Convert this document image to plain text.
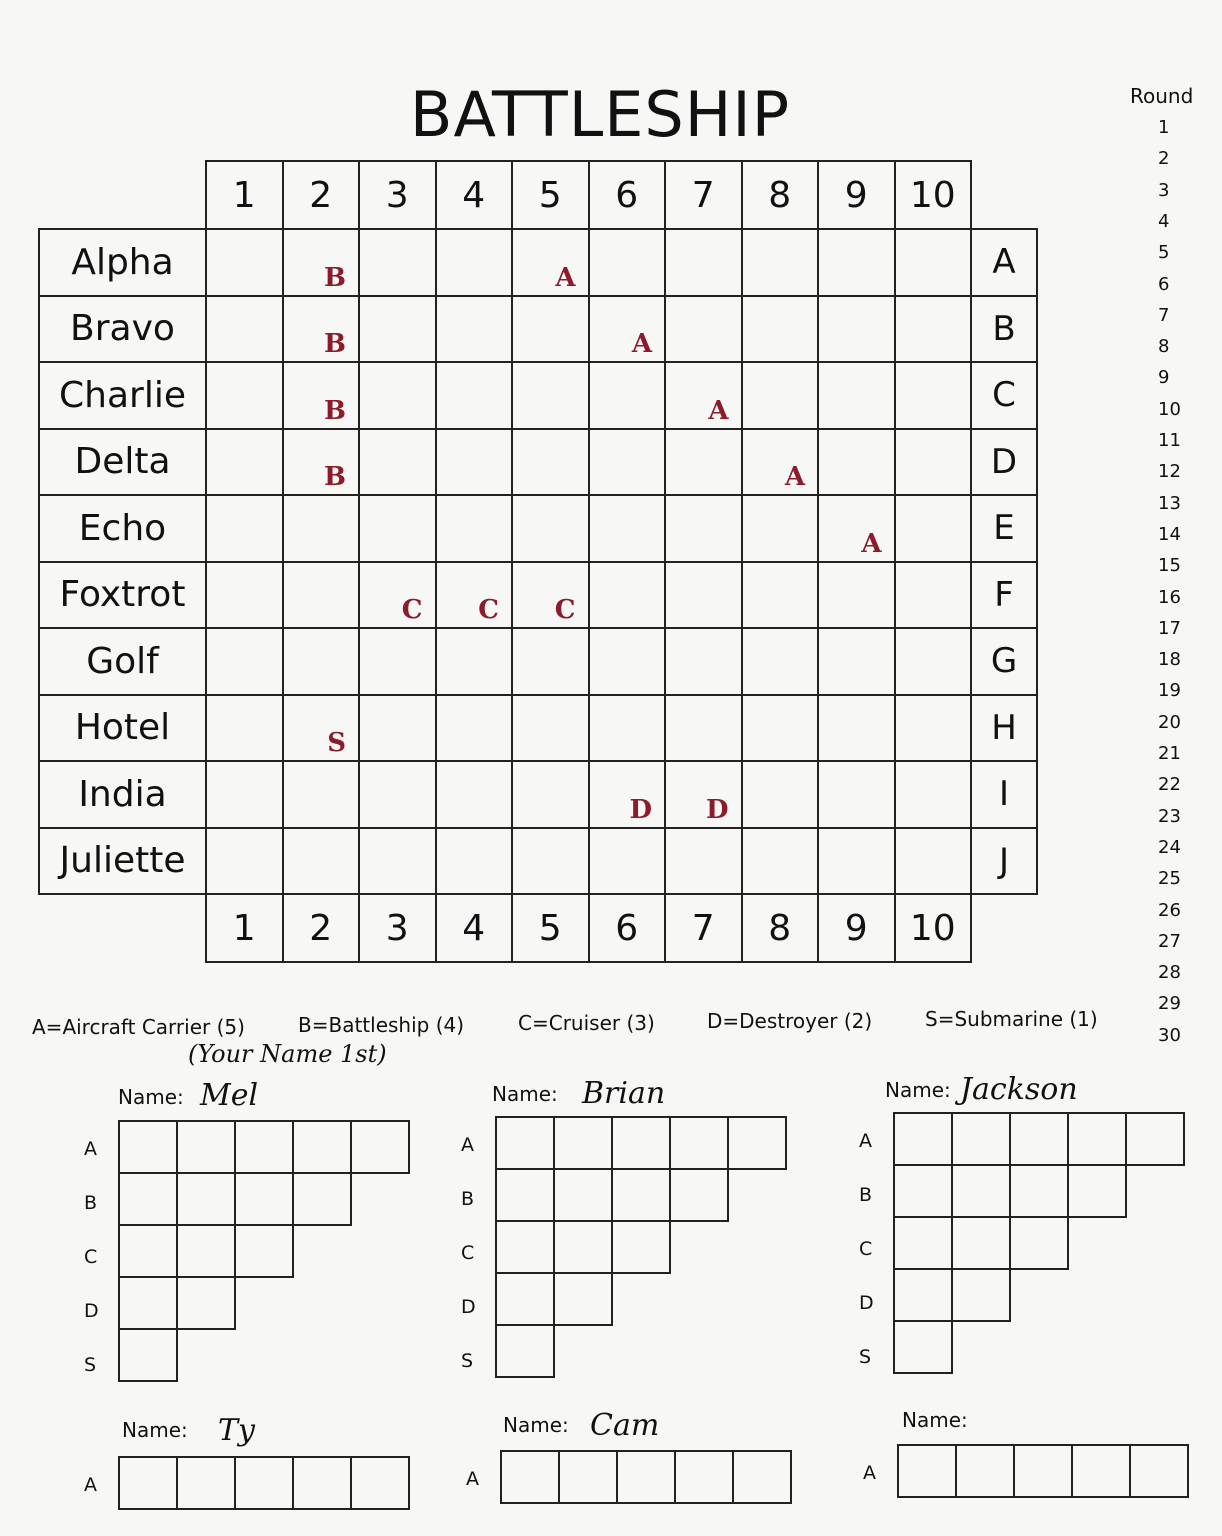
BATTLESHIP	Round
1
2
3
4
5
6
7
8
9
10
11
12
13
14
15
16
17
18
19
20
21
22
23
24
25
26
27
28
29
30
	1	2	3	4	5	6	7	8	9	10	
Alpha		B			A						A
Bravo		B				A					B
Charlie		B					A				C
Delta		B						A			D
Echo									A		E
Foxtrot			C	C	C						F
Golf											G
Hotel		S									H
India						D	D				I
Juliette											J
	1	2	3	4	5	6	7	8	9	10	
A=Aircraft Carrier (5)	B=Battleship (4)	C=Cruiser (3)	D=Destroyer (2)	S=Submarine (1)
(Your Name 1st)
Name: Mel

A
B
C
D
S
Name: Brian

A
B
C
D
S
Name: Jackson

A
B
C
D
S
Name: Ty

A
Name: Cam

A
Name:

A
